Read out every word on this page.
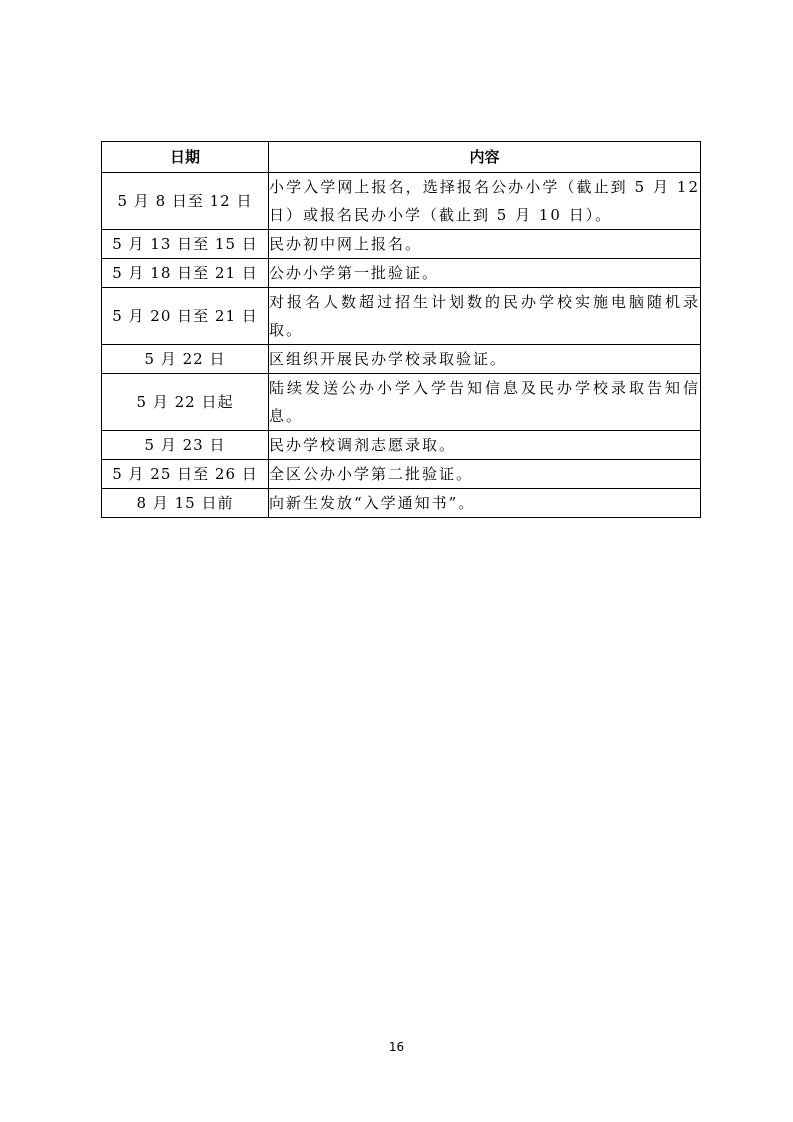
日期	内容
5 月 8 日至 12 日	小学入学网上报名，选择报名公办小学（截止到 5 月 12 日）或报名民办小学（截止到 5 月 10 日）。
5 月 13 日至 15 日	民办初中网上报名。
5 月 18 日至 21 日	公办小学第一批验证。
5 月 20 日至 21 日	对报名人数超过招生计划数的民办学校实施电脑随机录取。
5 月 22 日	区组织开展民办学校录取验证。
5 月 22 日起	陆续发送公办小学入学告知信息及民办学校录取告知信息。
5 月 23 日	民办学校调剂志愿录取。
5 月 25 日至 26 日	全区公办小学第二批验证。
8 月 15 日前	向新生发放“入学通知书”。
16
